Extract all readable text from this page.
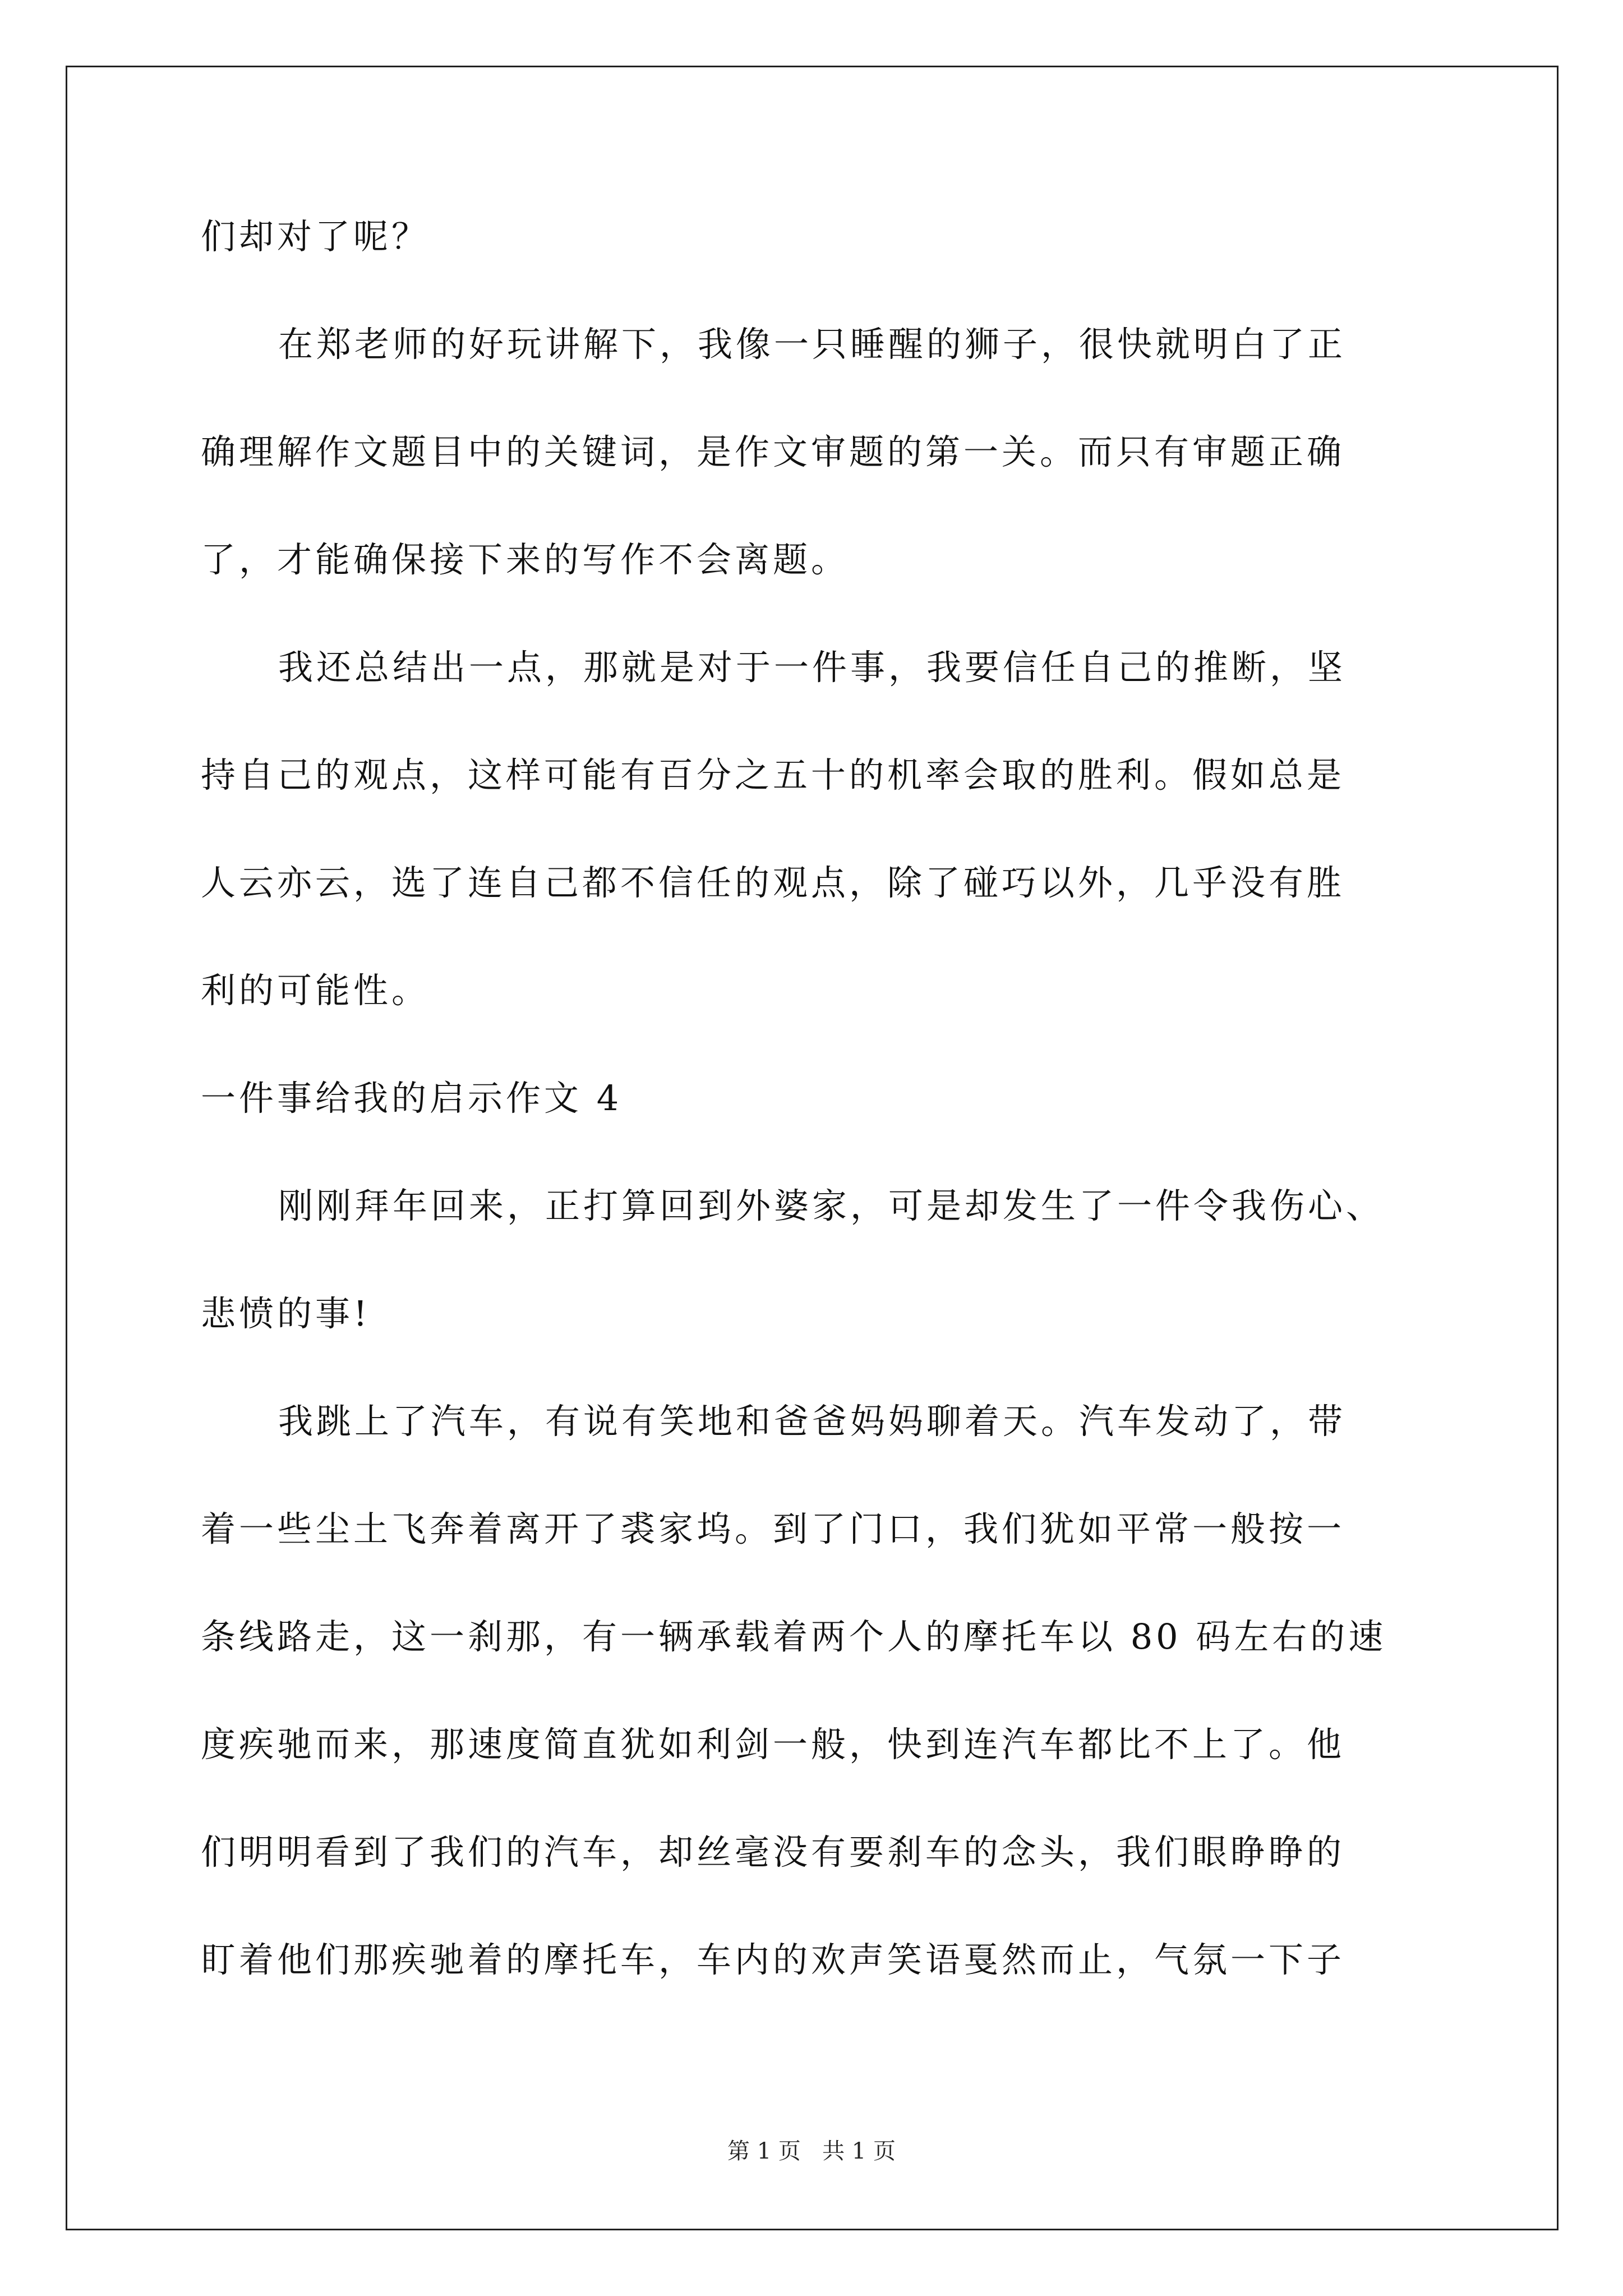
们却对了呢？
在郑老师的好玩讲解下，我像一只睡醒的狮子，很快就明白了正
确理解作文题目中的关键词，是作文审题的第一关。而只有审题正确
了，才能确保接下来的写作不会离题。
我还总结出一点，那就是对于一件事，我要信任自己的推断，坚
持自己的观点，这样可能有百分之五十的机率会取的胜利。假如总是
人云亦云，选了连自己都不信任的观点，除了碰巧以外，几乎没有胜
利的可能性。
一件事给我的启示作文 4
刚刚拜年回来，正打算回到外婆家，可是却发生了一件令我伤心、
悲愤的事!
我跳上了汽车，有说有笑地和爸爸妈妈聊着天。汽车发动了，带
着一些尘土飞奔着离开了裘家坞。到了门口，我们犹如平常一般按一
条线路走，这一刹那，有一辆承载着两个人的摩托车以 80 码左右的速
度疾驰而来，那速度简直犹如利剑一般，快到连汽车都比不上了。他
们明明看到了我们的汽车，却丝毫没有要刹车的念头，我们眼睁睁的
盯着他们那疾驰着的摩托车，车内的欢声笑语戛然而止，气氛一下子
第 1 页   共 1 页
